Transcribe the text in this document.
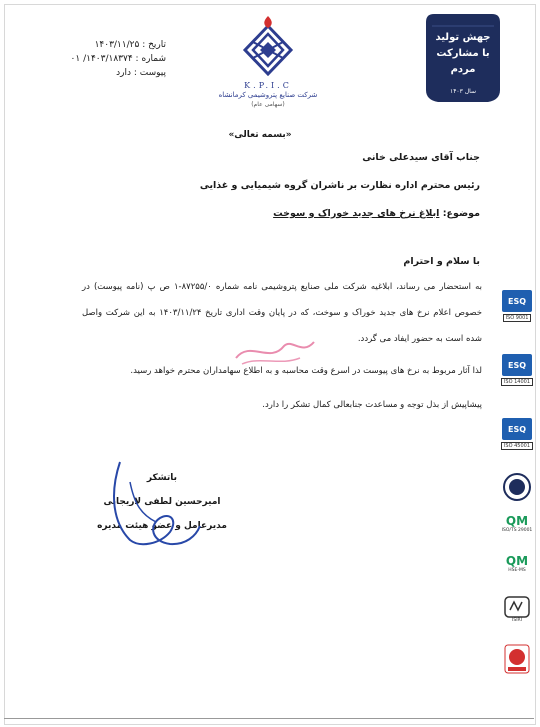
تاریخ : ۱۴۰۳/۱۱/۲۵
شماره : ۱۴۰۳/۱۸۳۷۴/ ۰۱
پیوست : دارد
K.P.I.C
شرکت صنایع پتروشیمی کرمانشاه
(سهامی عام)
جهش تولید با مشارکت مردم
سال ۱۴۰۳
«بسمه تعالی»
جناب آقای سیدعلی خانی
رئیس محترم اداره نظارت بر ناشران گروه شیمیایی و غذایی
موضوع: ابلاغ نرخ های جدید خوراک و سوخت
با سلام و احترام
به استحضار می رساند، ابلاغیه شرکت ملی صنایع پتروشیمی نامه شماره ۸۷۲۵۵/۰-۱ ص پ (نامه پیوست) در خصوص اعلام نرخ های جدید خوراک و سوخت، که در پایان وقت اداری تاریخ ۱۴۰۳/۱۱/۲۴ به این شرکت واصل شده است به حضور ایفاد می گردد.
لذا آثار مربوط به نرخ های پیوست در اسرع وقت محاسبه و به اطلاع سهامداران محترم خواهد رسید.
پیشاپیش از بذل توجه و مساعدت جنابعالی کمال تشکر را دارد.
باتشکر
امیرحسین لطفی لاریجانی
مدیرعامل و عضو هیئت مدیره
ESQ
ISO 9001
ESQ
ISO 14001
ESQ
ISO 45001
QM
ISO/TS 29001
QM
HSE-MS
ISIRI
